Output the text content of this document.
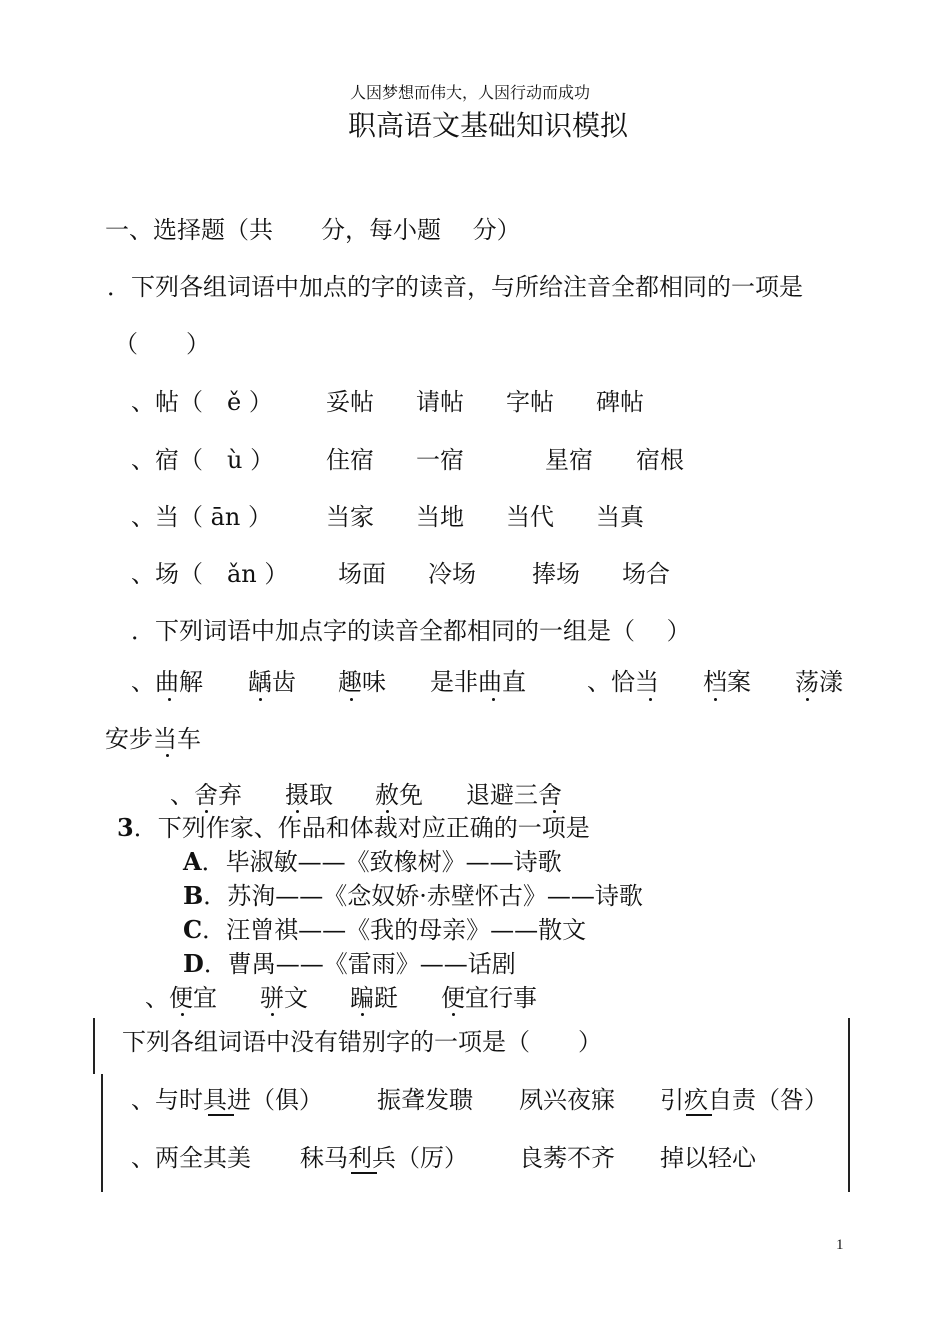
人因梦想而伟大，人因行动而成功
职高语文基础知识模拟
一、选择题（共　　分，每小题　 分）
．下列各组词语中加点的字的读音，与所给注音全都相同的一项是
（　　）
、帖（　ě ） 妥帖 请帖 字帖 碑帖
、宿（　ù ） 住宿 一宿	星宿 宿根
、当（ ān ） 当家 当地 当代 当真
、场（　ǎn ） 场面 冷场 捧场 场合
．下列词语中加点字的读音全都相同的一组是（　 ）
、曲解 龋齿 趣味 是非曲直	、恰当 档案 荡漾
安步当车
、舍弃 摄取 赦免 退避三舍
3．下列作家、作品和体裁对应正确的一项是
A．毕淑敏——《致橡树》——诗歌
B．苏洵——《念奴娇·赤壁怀古》——诗歌
C．汪曾祺——《我的母亲》——散文
D．曹禺——《雷雨》——话剧
、便宜 骈文 蹁跹 便宜行事
下列各组词语中没有错别字的一项是（　　）
、与时具进（俱） 振聋发聩 夙兴夜寐 引疚自责（咎）
、两全其美 秣马利兵（厉） 良莠不齐 掉以轻心
1
